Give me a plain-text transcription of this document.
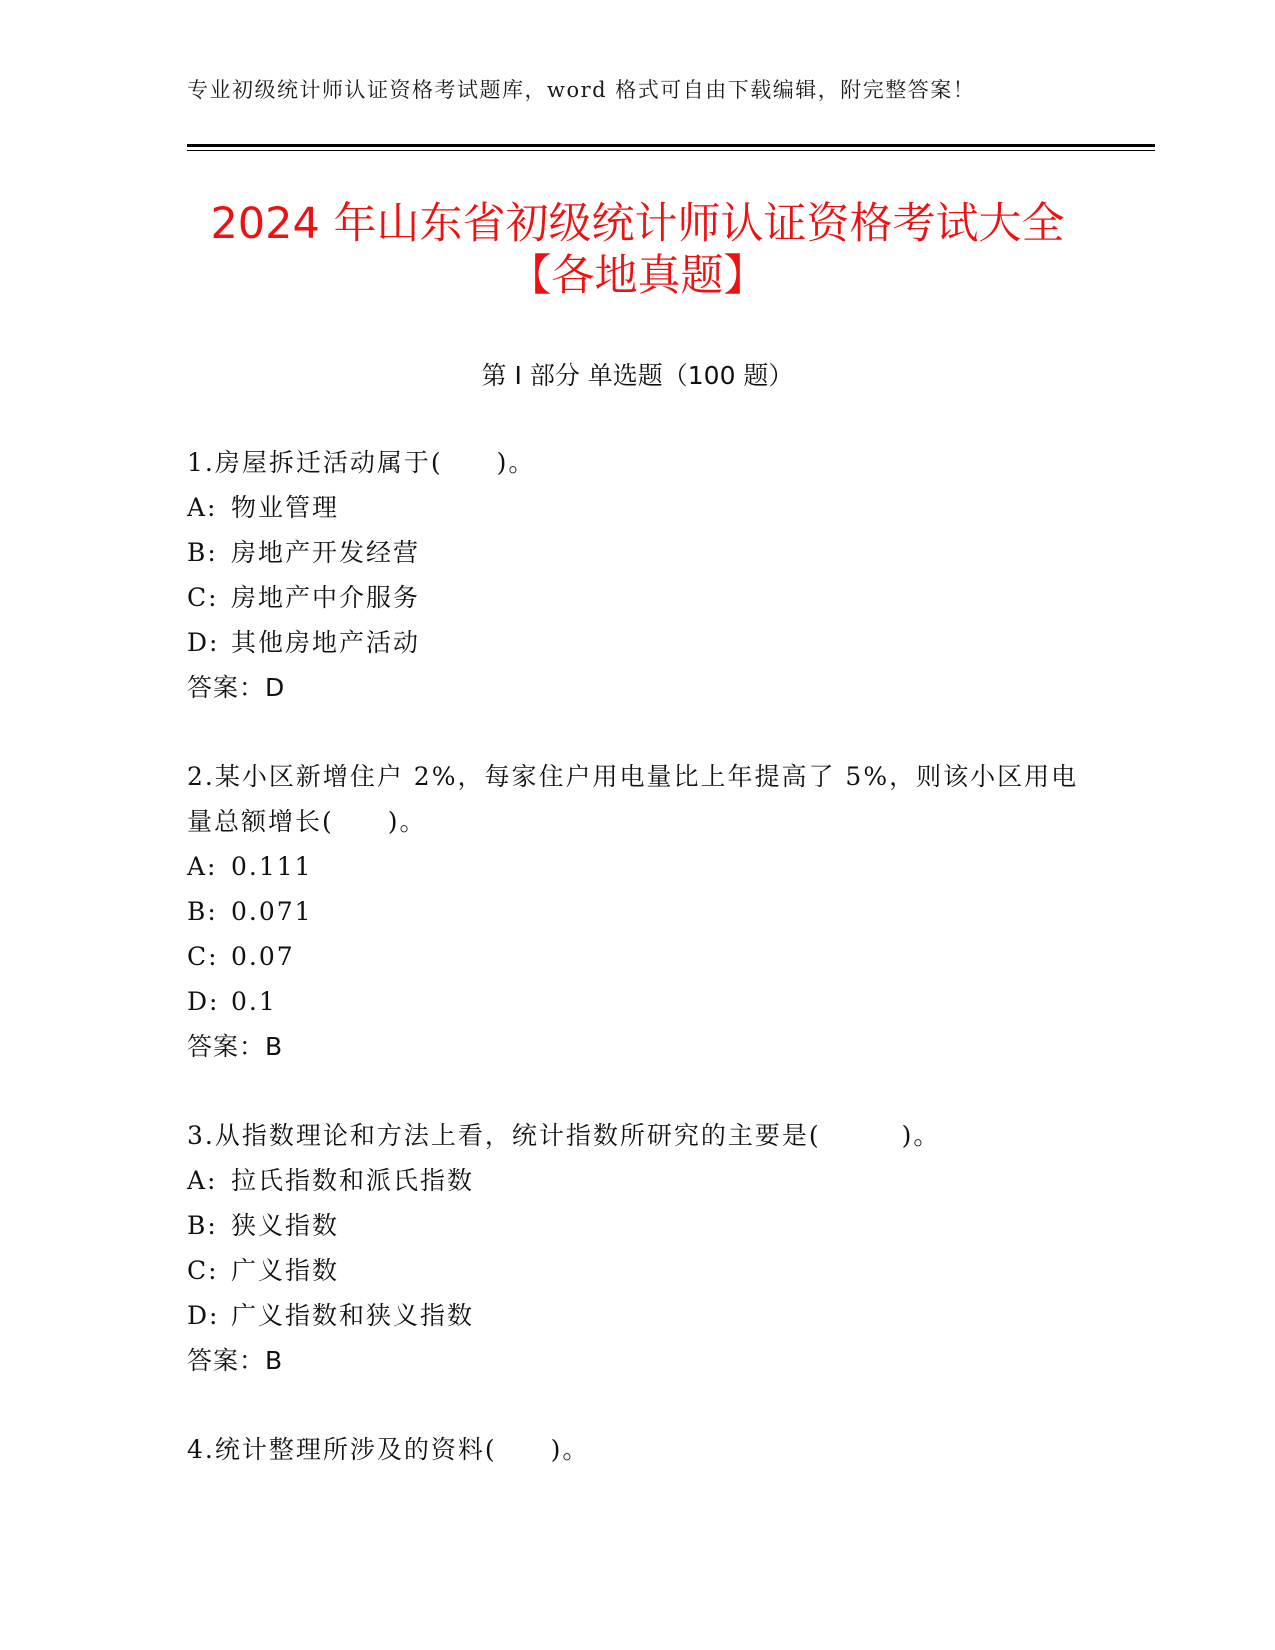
专业初级统计师认证资格考试题库，word 格式可自由下载编辑，附完整答案！
2024 年山东省初级统计师认证资格考试大全
【各地真题】
第 I 部分 单选题（100 题）
1.房屋拆迁活动属于(　　)。
A: 物业管理
B: 房地产开发经营
C: 房地产中介服务
D: 其他房地产活动
答案：D
2.某小区新增住户 2%，每家住户用电量比上年提高了 5%，则该小区用电量总额增长(　　)。
A: 0.111
B: 0.071
C: 0.07
D: 0.1
答案：B
3.从指数理论和方法上看，统计指数所研究的主要是(　　　)。
A: 拉氏指数和派氏指数
B: 狭义指数
C: 广义指数
D: 广义指数和狭义指数
答案：B
4.统计整理所涉及的资料(　　)。
